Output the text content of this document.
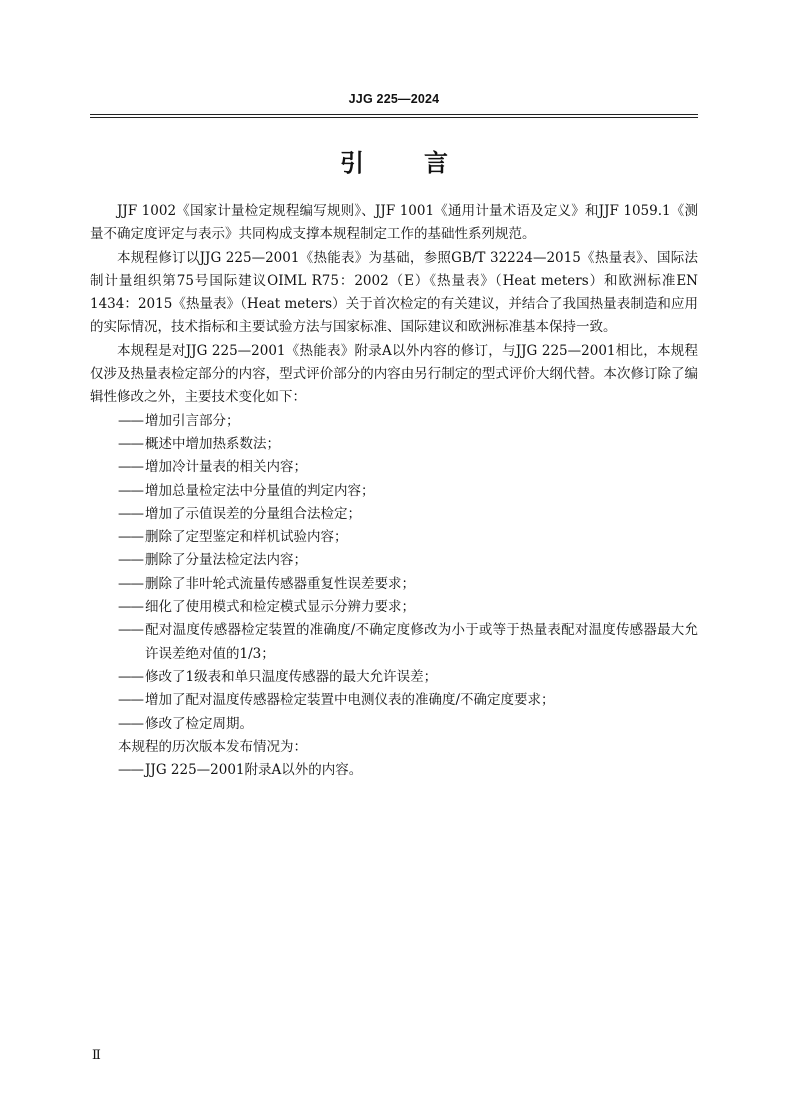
JJG 225—2024
引言

JJF 1002《国家计量检定规程编写规则》、JJF 1001《通用计量术语及定义》和JJF 1059.1《测量不确定度评定与表示》共同构成支撑本规程制定工作的基础性系列规范。

本规程修订以JJG 225—2001《热能表》为基础，参照GB/T 32224—2015《热量表》、国际法制计量组织第75号国际建议OIML R75：2002（E）《热量表》（Heat meters）和欧洲标准EN 1434：2015《热量表》（Heat meters）关于首次检定的有关建议，并结合了我国热量表制造和应用的实际情况，技术指标和主要试验方法与国家标准、国际建议和欧洲标准基本保持一致。

本规程是对JJG 225—2001《热能表》附录A以外内容的修订，与JJG 225—2001相比，本规程仅涉及热量表检定部分的内容，型式评价部分的内容由另行制定的型式评价大纲代替。本次修订除了编辑性修改之外，主要技术变化如下：

—— 增加引言部分；
—— 概述中增加热系数法；
—— 增加冷计量表的相关内容；
—— 增加总量检定法中分量值的判定内容；
—— 增加了示值误差的分量组合法检定；
—— 删除了定型鉴定和样机试验内容；
—— 删除了分量法检定法内容；
—— 删除了非叶轮式流量传感器重复性误差要求；
—— 细化了使用模式和检定模式显示分辨力要求；
—— 配对温度传感器检定装置的准确度/不确定度修改为小于或等于热量表配对温度传感器最大允许误差绝对值的1/3；
—— 修改了1级表和单只温度传感器的最大允许误差；
—— 增加了配对温度传感器检定装置中电测仪表的准确度/不确定度要求；
—— 修改了检定周期。

本规程的历次版本发布情况为：

—— JJG 225—2001附录A以外的内容。
Ⅱ
